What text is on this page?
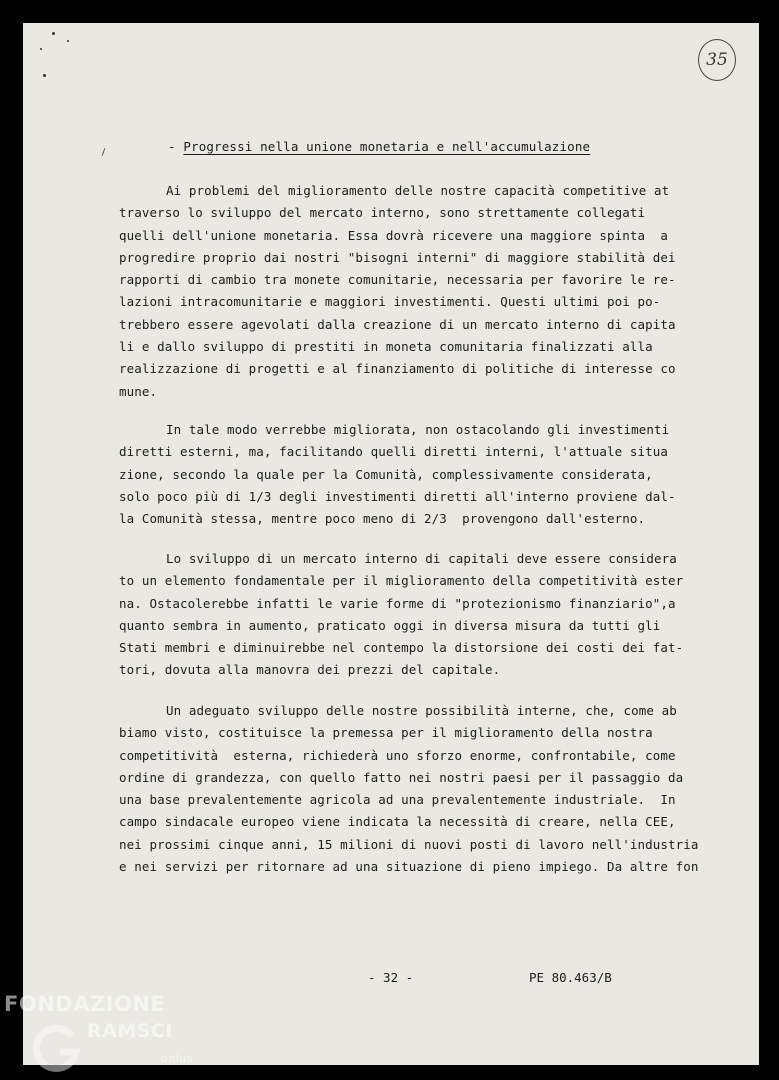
35
- Progressi nella unione monetaria e nell'accumulazione
Ai problemi del miglioramento delle nostre capacità competitive at
traverso lo sviluppo del mercato interno, sono strettamente collegati
quelli dell'unione monetaria. Essa dovrà ricevere una maggiore spinta  a
progredire proprio dai nostri "bisogni interni" di maggiore stabilità dei
rapporti di cambio tra monete comunitarie, necessaria per favorire le re-
lazioni intracomunitarie e maggiori investimenti. Questi ultimi poi po-
trebbero essere agevolati dalla creazione di un mercato interno di capita
li e dallo sviluppo di prestiti in moneta comunitaria finalizzati alla
realizzazione di progetti e al finanziamento di politiche di interesse co
mune.
In tale modo verrebbe migliorata, non ostacolando gli investimenti
diretti esterni, ma, facilitando quelli diretti interni, l'attuale situa
zione, secondo la quale per la Comunità, complessivamente considerata,
solo poco più di 1/3 degli investimenti diretti all'interno proviene dal-
la Comunità stessa, mentre poco meno di 2/3  provengono dall'esterno.
Lo sviluppo di un mercato interno di capitali deve essere considera
to un elemento fondamentale per il miglioramento della competitività ester
na. Ostacolerebbe infatti le varie forme di "protezionismo finanziario",a
quanto sembra in aumento, praticato oggi in diversa misura da tutti gli
Stati membri e diminuirebbe nel contempo la distorsione dei costi dei fat-
tori, dovuta alla manovra dei prezzi del capitale.
Un adeguato sviluppo delle nostre possibilità interne, che, come ab
biamo visto, costituisce la premessa per il miglioramento della nostra
competitività  esterna, richiederà uno sforzo enorme, confrontabile, come
ordine di grandezza, con quello fatto nei nostri paesi per il passaggio da
una base prevalentemente agricola ad una prevalentemente industriale.  In
campo sindacale europeo viene indicata la necessità di creare, nella CEE,
nei prossimi cinque anni, 15 milioni di nuovi posti di lavoro nell'industria
e nei servizi per ritornare ad una situazione di pieno impiego. Da altre fon
- 32 -	PE 80.463/B
FONDAZIONE
RAMSCI
onlus
